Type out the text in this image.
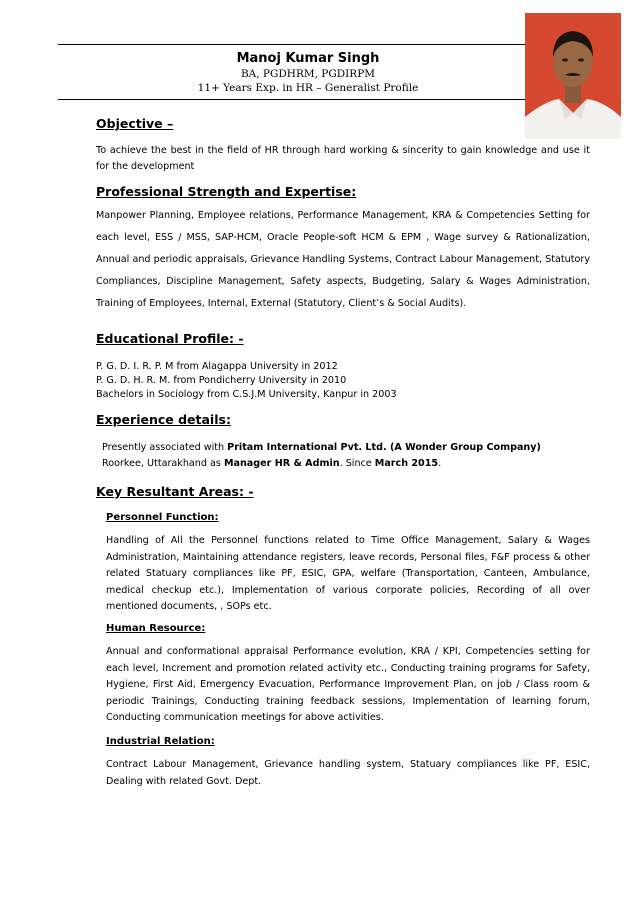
Manoj Kumar Singh
BA, PGDHRM, PGDIRPM
11+ Years Exp. in HR – Generalist Profile
Objective –
To achieve the best in the field of HR through hard working & sincerity to gain knowledge and use it for the development
Professional Strength and Expertise:
Manpower Planning, Employee relations, Performance Management, KRA & Competencies Setting for each level, ESS / MSS, SAP-HCM, Oracle People-soft HCM & EPM , Wage survey & Rationalization, Annual and periodic appraisals, Grievance Handling Systems, Contract Labour Management, Statutory Compliances, Discipline Management, Safety aspects, Budgeting, Salary & Wages Administration, Training of Employees, Internal, External (Statutory, Client’s & Social Audits).
Educational Profile: -
P. G. D. I. R. P. M from Alagappa University in 2012
P. G. D. H. R. M. from Pondicherry University in 2010
Bachelors in Sociology from C.S.J.M University, Kanpur in 2003
Experience details:
Presently associated with Pritam International Pvt. Ltd. (A Wonder Group Company) Roorkee, Uttarakhand as Manager HR & Admin. Since March 2015.
Key Resultant Areas: -
Personnel Function:
Handling of All the Personnel functions related to Time Office Management, Salary & Wages Administration, Maintaining attendance registers, leave records, Personal files, F&F process & other related Statuary compliances like PF, ESIC, GPA, welfare (Transportation, Canteen, Ambulance, medical checkup etc.), Implementation of various corporate policies, Recording of all over mentioned documents, , SOPs etc.
Human Resource:
Annual and conformational appraisal Performance evolution, KRA / KPI, Competencies setting for each level, Increment and promotion related activity etc., Conducting training programs for Safety, Hygiene, First Aid, Emergency Evacuation, Performance Improvement Plan, on job / Class room & periodic Trainings, Conducting training feedback sessions, Implementation of learning forum, Conducting communication meetings for above activities.
Industrial Relation:
Contract Labour Management, Grievance handling system, Statuary compliances like PF, ESIC, Dealing with related Govt. Dept.
